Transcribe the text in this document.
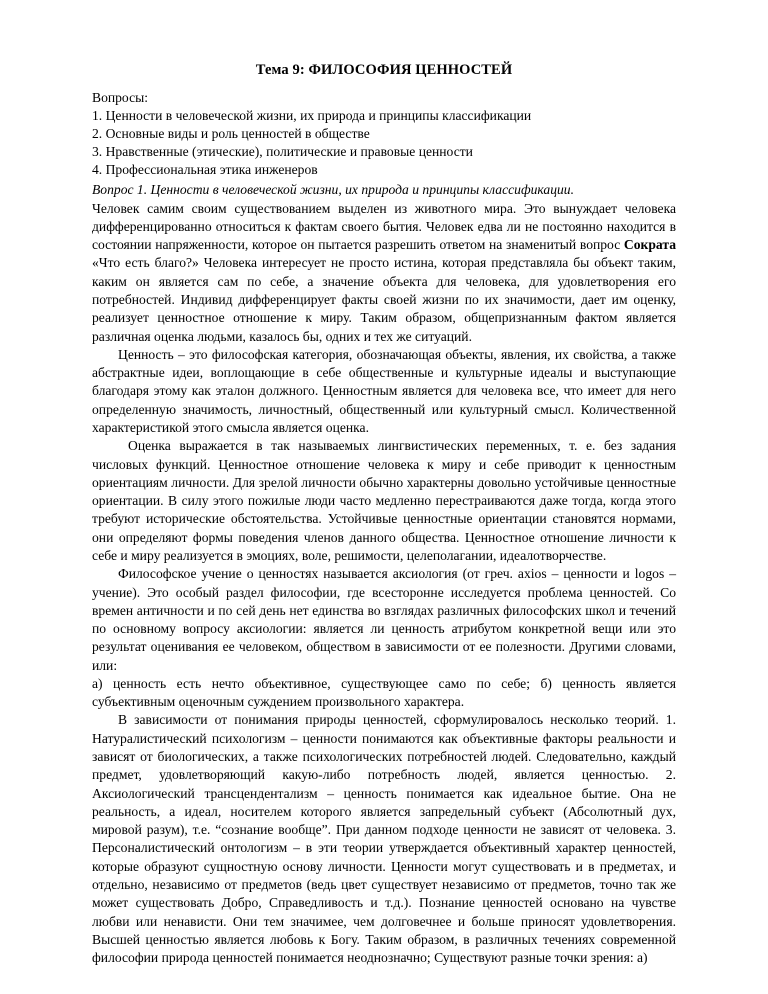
Тема 9: ФИЛОСОФИЯ ЦЕННОСТЕЙ
Вопросы:
1. Ценности в человеческой жизни, их природа и принципы классификации
2. Основные виды и роль ценностей в обществе
3. Нравственные (этические), политические и правовые ценности
4. Профессиональная этика инженеров
Вопрос 1. Ценности в человеческой жизни, их природа и принципы классификации.

Человек самим своим существованием выделен из животного мира. Это вынуждает человека дифференцированно относиться к фактам своего бытия. Человек едва ли не постоянно находится в состоянии напряженности, которое он пытается разрешить ответом на знаменитый вопрос Сократа «Что есть благо?» Человека интересует не просто истина, которая представляла бы объект таким, каким он является сам по себе, а значение объекта для человека, для удовлетворения его потребностей. Индивид дифференцирует факты своей жизни по их значимости, дает им оценку, реализует ценностное отношение к миру. Таким образом, общепризнанным фактом является различная оценка людьми, казалось бы, одних и тех же ситуаций.

Ценность – это философская категория, обозначающая объекты, явления, их свойства, а также абстрактные идеи, воплощающие в себе общественные и культурные идеалы и выступающие благодаря этому как эталон должного. Ценностным является для человека все, что имеет для него определенную значимость, личностный, общественный или культурный смысл. Количественной характеристикой этого смысла является оценка.

Оценка выражается в так называемых лингвистических переменных, т. е. без задания числовых функций. Ценностное отношение человека к миру и себе приводит к ценностным ориентациям личности. Для зрелой личности обычно характерны довольно устойчивые ценностные ориентации. В силу этого пожилые люди часто медленно перестраиваются даже тогда, когда этого требуют исторические обстоятельства. Устойчивые ценностные ориентации становятся нормами, они определяют формы поведения членов данного общества. Ценностное отношение личности к себе и миру реализуется в эмоциях, воле, решимости, целеполагании, идеалотворчестве.

Философское учение о ценностях называется аксиология (от греч. axios – ценности и logos – учение). Это особый раздел философии, где всесторонне исследуется проблема ценностей. Со времен античности и по сей день нет единства во взглядах различных философских школ и течений по основному вопросу аксиологии: является ли ценность атрибутом конкретной вещи или это результат оценивания ее человеком, обществом в зависимости от ее полезности. Другими словами, или:

а) ценность есть нечто объективное, существующее само по себе; б) ценность является субъективным оценочным суждением произвольного характера.

В зависимости от понимания природы ценностей, сформулировалось несколько теорий. 1. Натуралистический психологизм – ценности понимаются как объективные факторы реальности и зависят от биологических, а также психологических потребностей людей. Следовательно, каждый предмет, удовлетворяющий какую-либо потребность людей, является ценностью. 2. Аксиологический трансцендентализм – ценность понимается как идеальное бытие. Она не реальность, а идеал, носителем которого является запредельный субъект (Абсолютный дух, мировой разум), т.е. “сознание вообще”. При данном подходе ценности не зависят от человека. 3. Персоналистический онтологизм – в эти теории утверждается объективный характер ценностей, которые образуют сущностную основу личности. Ценности могут существовать и в предметах, и отдельно, независимо от предметов (ведь цвет существует независимо от предметов, точно так же может существовать Добро, Справедливость и т.д.). Познание ценностей основано на чувстве любви или ненависти. Они тем значимее, чем долговечнее и больше приносят удовлетворения. Высшей ценностью является любовь к Богу. Таким образом, в различных течениях современной философии природа ценностей понимается неоднозначно; Существуют разные точки зрения: а)
